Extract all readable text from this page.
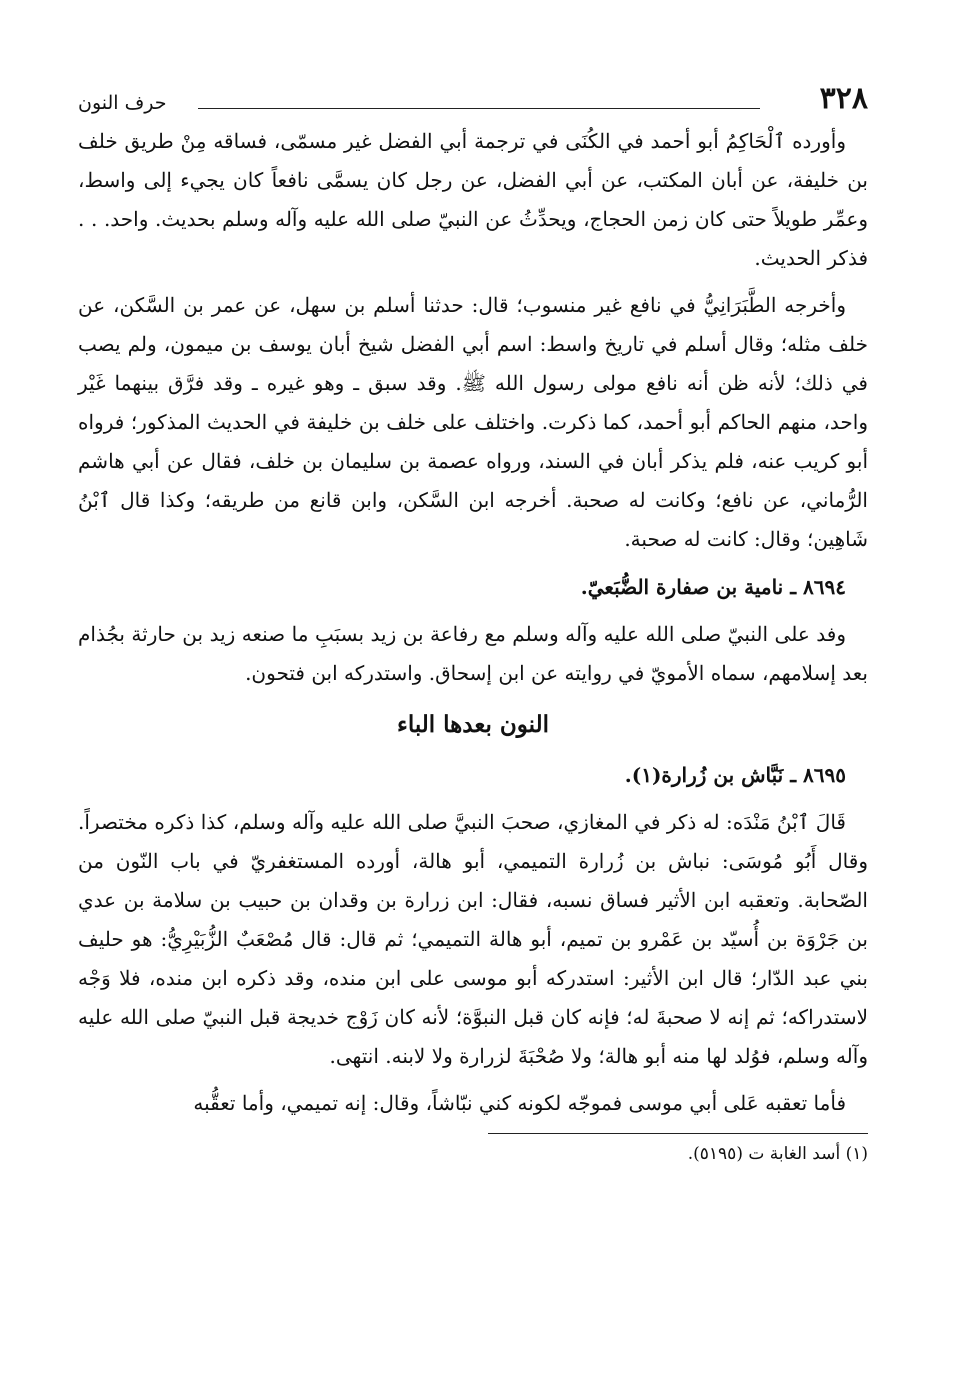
٣٢٨
حرف النون

وأورده ٱلْحَاكِمُ أبو أحمد في الكُنَى في ترجمة أبي الفضل غير مسمّى، فساقه مِنْ طريق خلف بن خليفة، عن أبان المكتب، عن أبي الفضل، عن رجل كان يسمَّى نافعاً كان يجيء إلى واسط، وعمِّر طويلاً حتى كان زمن الحجاج، ويحدِّثُ عن النبيّ صلى الله عليه وآله وسلم بحديث. واحد. . . فذكر الحديث.

وأخرجه الطَّبَرَانِيُّ في نافع غير منسوب؛ قال: حدثنا أسلم بن سهل، عن عمر بن السَّكن، عن خلف مثله؛ وقال أسلم في تاريخ واسط: اسم أبي الفضل شيخ أبان يوسف بن ميمون، ولم يصب في ذلك؛ لأنه ظن أنه نافع مولى رسول الله ﷺ. وقد سبق ـ وهو غيره ـ وقد فرَّق بينهما غَيْر واحد، منهم الحاكم أبو أحمد، كما ذكرت. واختلف على خلف بن خليفة في الحديث المذكور؛ فرواه أبو كريب عنه، فلم يذكر أبان في السند، ورواه عصمة بن سليمان بن خلف، فقال عن أبي هاشم الرُّماني، عن نافع؛ وكانت له صحبة. أخرجه ابن السَّكن، وابن قانع من طريقه؛ وكذا قال ٱبْنُ شَاهِين؛ وقال: كانت له صحبة.

٨٦٩٤ ـ نامية بن صفارة الضُّبَعيّ.

وفد على النبيّ صلى الله عليه وآله وسلم مع رفاعة بن زيد بسبَبِ ما صنعه زيد بن حارثة بجُذام بعد إسلامهم، سماه الأمويّ في روايته عن ابن إسحاق. واستدركه ابن فتحون.

النون بعدها الباء
٨٦٩٥ ـ نَبَّاش بن زُرارة(١).

قَالَ ٱبْنُ مَنْدَه: له ذكر في المغازي، صحبَ النبيَّ صلى الله عليه وآله وسلم، كذا ذكره مختصراً. وقال أَبُو مُوسَى: نباش بن زُرارة التميمي، أبو هالة، أورده المستغفريّ في باب النّون من الصّحابة. وتعقبه ابن الأثير فساق نسبه، فقال: ابن زرارة بن وقدان بن حبيب بن سلامة بن عدي بن جَرْوَة بن أُسيّد بن عَمْرو بن تميم، أبو هالة التميمي؛ ثم قال: قال مُصْعَبٌ الزُّبَيْرِيُّ: هو حليف بني عبد الدّار؛ قال ابن الأثير: استدركه أبو موسى على ابن منده، وقد ذكره ابن منده، فلا وَجْه لاستدراكه؛ ثم إنه لا صحبةَ له؛ فإنه كان قبل النبوَّة؛ لأنه كان زَوْج خديجة قبل النبيّ صلى الله عليه وآله وسلم، فوُلد لها منه أبو هالة؛ ولا صُحْبَةَ لزرارة ولا لابنه. انتهى.

فأما تعقبه عَلى أبي موسى فموجّه لكونه كني نبّاشاً، وقال: إنه تميمي، وأما تعقُّبه

(١) أسد الغابة ت (٥١٩٥).
